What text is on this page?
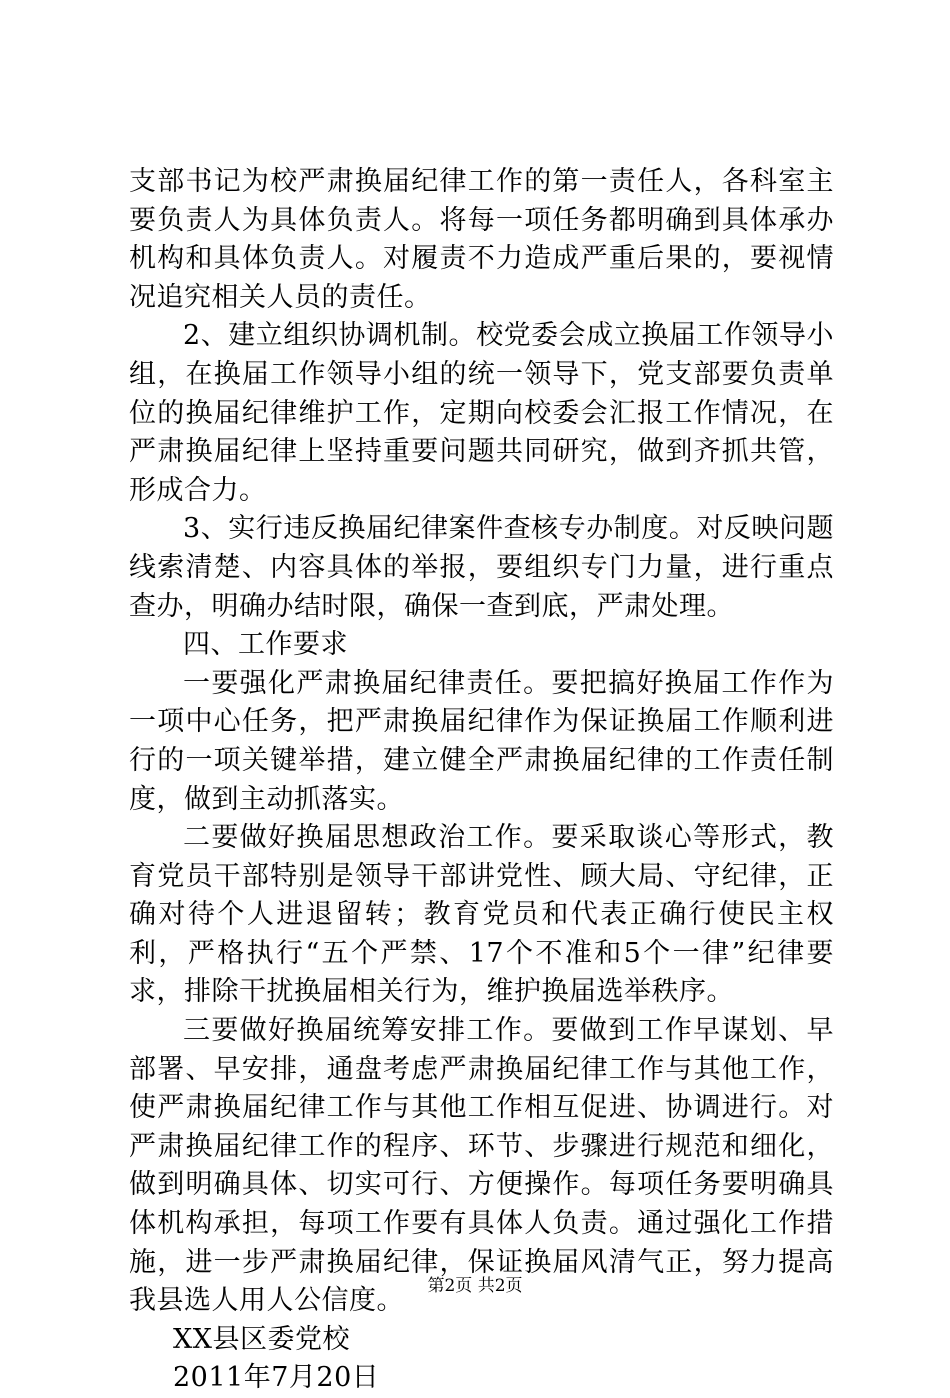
支部书记为校严肃换届纪律工作的第一责任人，各科室主要负责人为具体负责人。将每一项任务都明确到具体承办机构和具体负责人。对履责不力造成严重后果的，要视情况追究相关人员的责任。

2、建立组织协调机制。校党委会成立换届工作领导小组，在换届工作领导小组的统一领导下，党支部要负责单位的换届纪律维护工作，定期向校委会汇报工作情况，在严肃换届纪律上坚持重要问题共同研究，做到齐抓共管，形成合力。

3、实行违反换届纪律案件查核专办制度。对反映问题线索清楚、内容具体的举报，要组织专门力量，进行重点查办，明确办结时限，确保一查到底，严肃处理。

四、工作要求

一要强化严肃换届纪律责任。要把搞好换届工作作为一项中心任务，把严肃换届纪律作为保证换届工作顺利进行的一项关键举措，建立健全严肃换届纪律的工作责任制度，做到主动抓落实。

二要做好换届思想政治工作。要采取谈心等形式，教育党员干部特别是领导干部讲党性、顾大局、守纪律，正确对待个人进退留转；教育党员和代表正确行使民主权利，严格执行“五个严禁、17个不准和5个一律”纪律要求，排除干扰换届相关行为，维护换届选举秩序。

三要做好换届统筹安排工作。要做到工作早谋划、早部署、早安排，通盘考虑严肃换届纪律工作与其他工作，使严肃换届纪律工作与其他工作相互促进、协调进行。对严肃换届纪律工作的程序、环节、步骤进行规范和细化，做到明确具体、切实可行、方便操作。每项任务要明确具体机构承担，每项工作要有具体人负责。通过强化工作措施，进一步严肃换届纪律，保证换届风清气正，努力提高我县选人用人公信度。

XX县区委党校

2011年7月20日

第2页 共2页
